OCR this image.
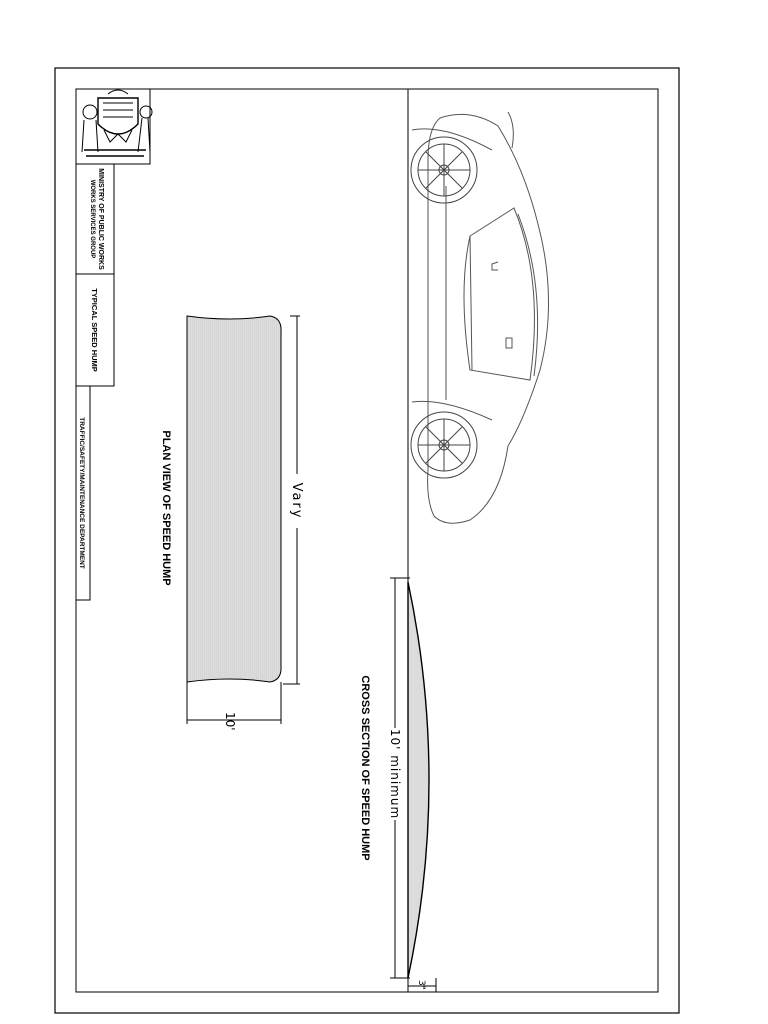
MINISTRY OF PUBLIC WORKS
WORKS SERVICES GROUP
TYPICAL SPEED HUMP
TRAFFIC/SAFETY/MAINTENANCE DEPARTMENT	Vary
10'
PLAN VIEW OF SPEED HUMP
10' minimum
3"
CROSS SECTION OF SPEED HUMP
